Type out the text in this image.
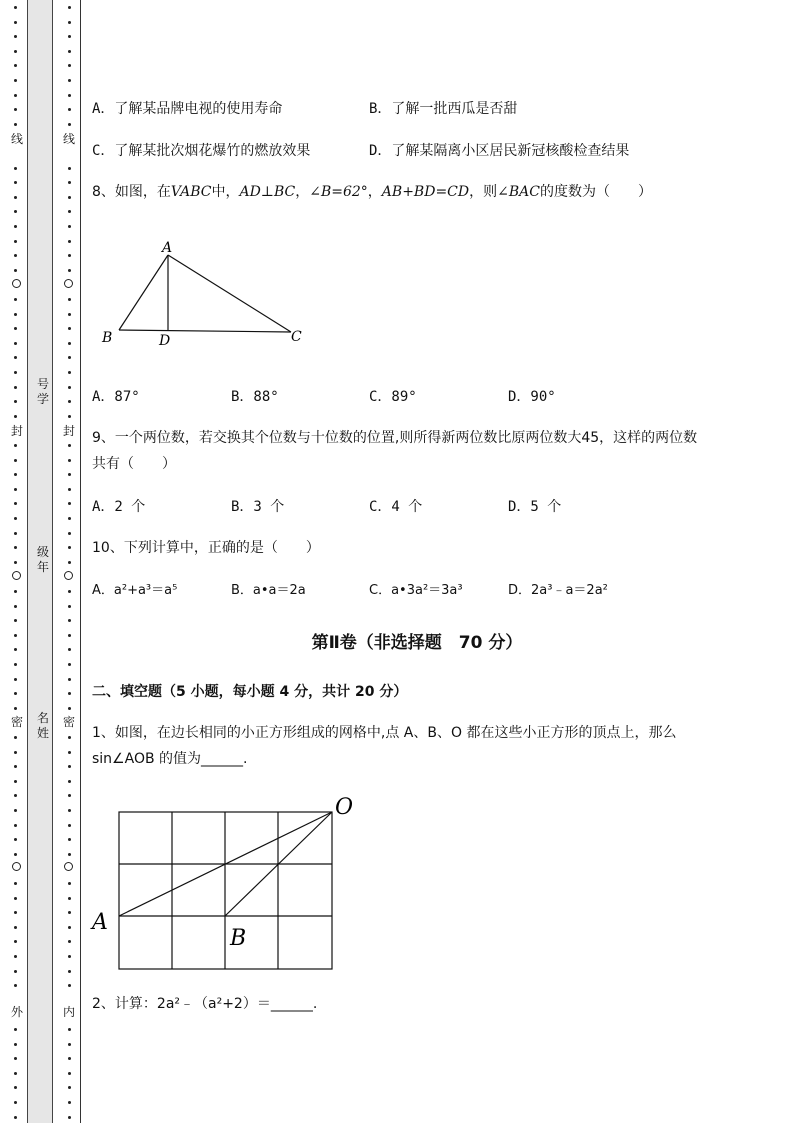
线
封
密
外
线
封
密
内
号
学
级
年
名
姓
A．了解某品牌电视的使用寿命	B．了解一批西瓜是否甜
C．了解某批次烟花爆竹的燃放效果	D．了解某隔离小区居民新冠核酸检查结果
8、如图，在VABC中，AD⊥BC，∠B=62°，AB+BD=CD，则∠BAC的度数为（　　）
A
B	D	C
A．87°	B．88°	C．89°	D．90°
9、一个两位数，若交换其个位数与十位数的位置,则所得新两位数比原两位数大45，这样的两位数
共有（　　）
A．2 个	B．3 个	C．4 个	D．5 个
10、下列计算中，正确的是（　　）
A．a²+a³＝a⁵	B．a•a＝2a	C．a•3a²＝3a³	D．2a³﹣a＝2a²
第Ⅱ卷（非选择题　70 分）
二、填空题（5 小题，每小题 4 分，共计 20 分）
1、如图，在边长相同的小正方形组成的网格中,点 A、B、O 都在这些小正方形的顶点上，那么
sin∠AOB 的值为______.
O
A
B
2、计算：2a²﹣（a²+2）＝______.
